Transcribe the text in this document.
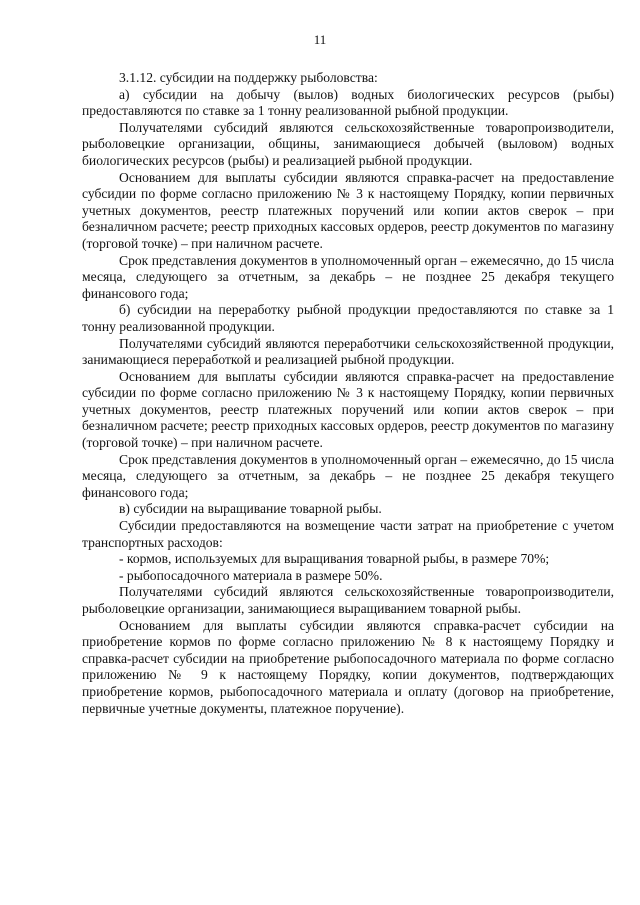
11

3.1.12. субсидии на поддержку рыболовства:

а) субсидии на добычу (вылов) водных биологических ресурсов (рыбы) предоставляются по ставке за 1 тонну реализованной рыбной продукции.

Получателями субсидий являются сельскохозяйственные товаропроизводители, рыболовецкие организации, общины, занимающиеся добычей (выловом) водных биологических ресурсов (рыбы) и реализацией рыбной продукции.

Основанием для выплаты субсидии являются справка-расчет на предоставление субсидии по форме согласно приложению № 3 к настоящему Порядку, копии первичных учетных документов, реестр платежных поручений или копии актов сверок – при безналичном расчете; реестр приходных кассовых ордеров, реестр документов по магазину (торговой точке) – при наличном расчете.

Срок представления документов в уполномоченный орган – ежемесячно, до 15 числа месяца, следующего за отчетным, за декабрь – не позднее 25 декабря текущего финансового года;

б) субсидии на переработку рыбной продукции предоставляются по ставке за 1 тонну реализованной продукции.

Получателями субсидий являются переработчики сельскохозяйственной продукции, занимающиеся переработкой и реализацией рыбной продукции.

Основанием для выплаты субсидии являются справка-расчет на предоставление субсидии по форме согласно приложению № 3 к настоящему Порядку, копии первичных учетных документов, реестр платежных поручений или копии актов сверок – при безналичном расчете; реестр приходных кассовых ордеров, реестр документов по магазину (торговой точке) – при наличном расчете.

Срок представления документов в уполномоченный орган – ежемесячно, до 15 числа месяца, следующего за отчетным, за декабрь – не позднее 25 декабря текущего финансового года;

в) субсидии на выращивание товарной рыбы.

Субсидии предоставляются на возмещение части затрат на приобретение с учетом транспортных расходов:

- кормов, используемых для выращивания товарной рыбы, в размере 70%;

- рыбопосадочного материала в размере 50%.

Получателями субсидий являются сельскохозяйственные товаропроизводители, рыболовецкие организации, занимающиеся выращиванием товарной рыбы.

Основанием для выплаты субсидии являются справка-расчет субсидии на приобретение кормов по форме согласно приложению № 8 к настоящему Порядку и справка-расчет субсидии на приобретение рыбопосадочного материала по форме согласно приложению № 9 к настоящему Порядку, копии документов, подтверждающих приобретение кормов, рыбопосадочного материала и оплату (договор на приобретение, первичные учетные документы, платежное поручение).
